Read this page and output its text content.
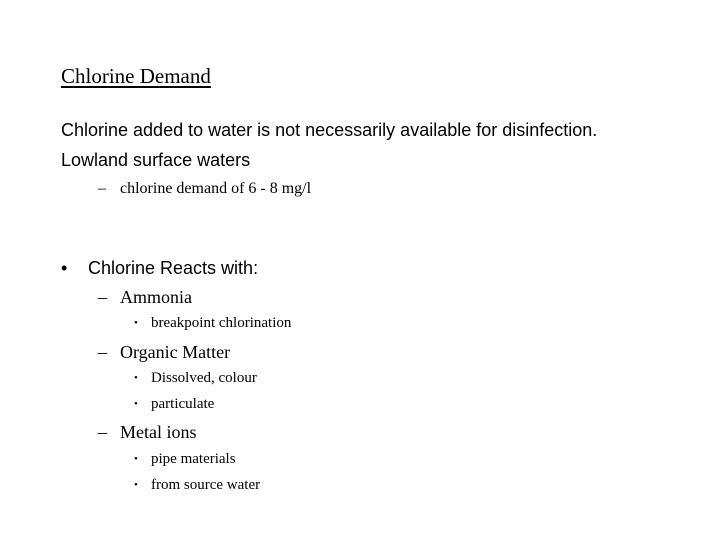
Chlorine Demand
Chlorine added to water is not necessarily available for disinfection.
Lowland surface waters
– chlorine demand of 6 - 8 mg/l
• Chlorine Reacts with:
– Ammonia
• breakpoint chlorination
– Organic Matter
• Dissolved, colour
• particulate
– Metal ions
• pipe materials
• from source water
